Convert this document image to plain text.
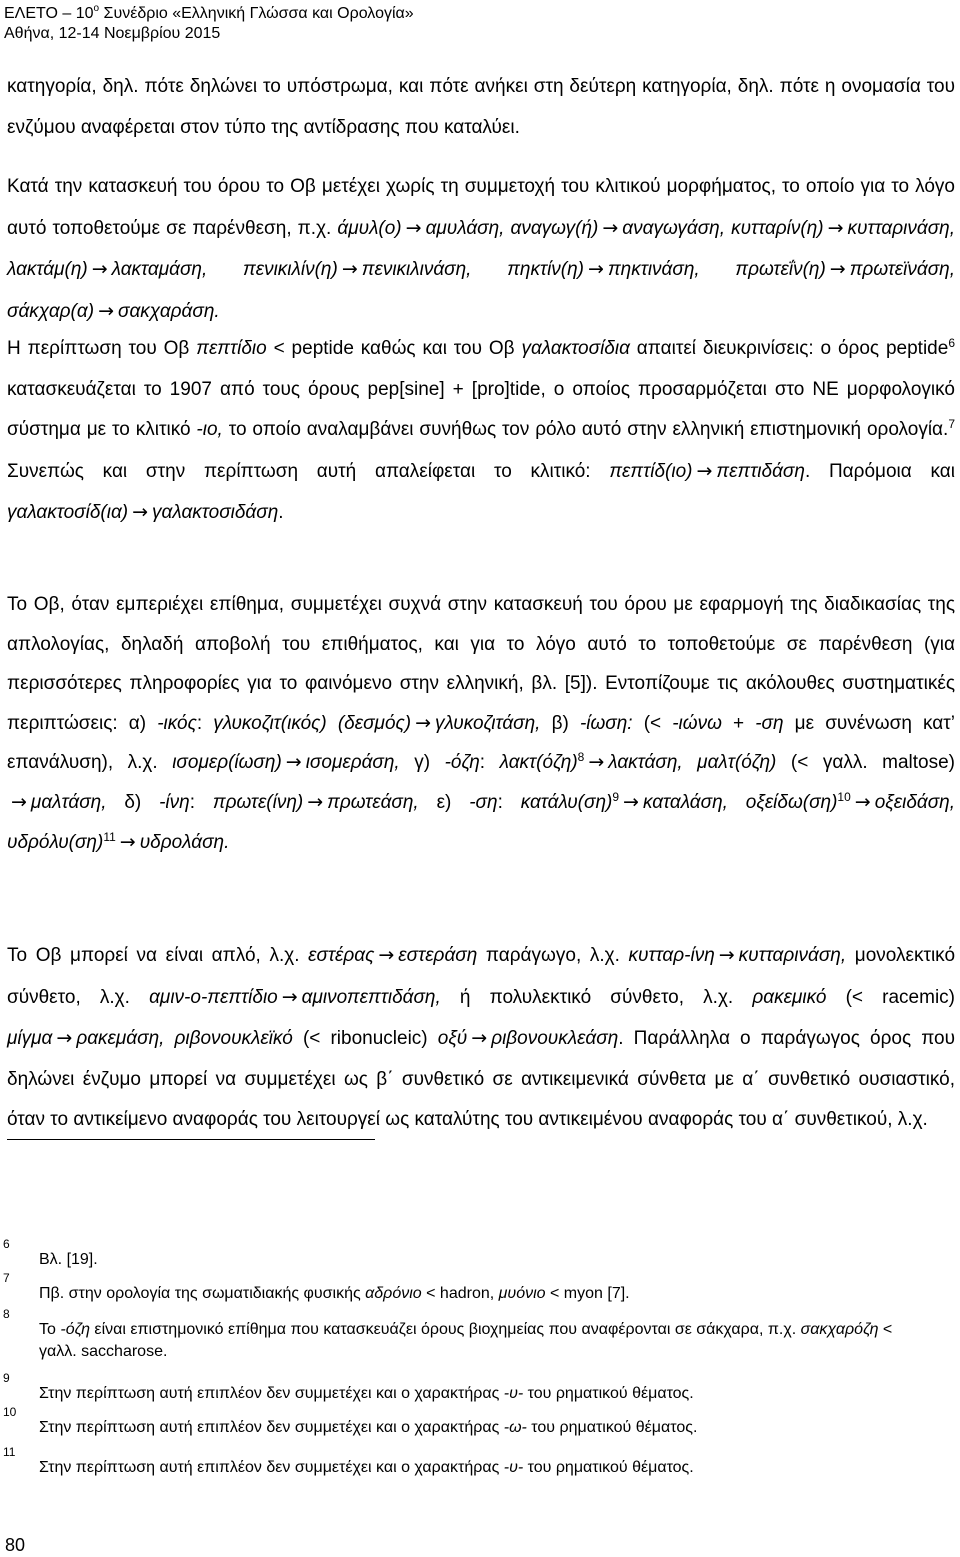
ΕΛΕΤΟ – $10^o$ Συνέδριο «Ελληνική Γλώσσα και Ορολογία»
Αθήνα, 12-14 Νοεμβρίου 2015

κατηγορία, δηλ. πότε δηλώνει το υπόστρωμα, και πότε ανήκει στη δεύτερη κατηγορία, δηλ. πότε η ονομασία του ενζύμου αναφέρεται στον τύπο της αντίδρασης που καταλύει.

Κατά την κατασκευή του όρου το Οβ μετέχει χωρίς τη συμμετοχή του κλιτικού μορφήματος, το οποίο για το λόγο αυτό τοποθετούμε σε παρένθεση, π.χ. άμυλ(ο) → αμυλάση, αναγωγ(ή) → αναγωγάση, κυτταρίν(η) → κυτταρινάση, λακτάμ(η) → λακταμάση, πενικιλίν(η) → πενικιλινάση, πηκτίν(η) → πηκτινάση, πρωτεΐν(η) → πρωτεϊνάση, σάκχαρ(α) → σακχαράση.

Η περίπτωση του Οβ πεπτίδιο < peptide καθώς και του Οβ γαλακτοσίδια απαιτεί διευκρινίσεις: ο όρος peptide$^6$ κατασκευάζεται το 1907 από τους όρους pep[sine] + [pro]tide, ο οποίος προσαρμόζεται στο ΝΕ μορφολογικό σύστημα με το κλιτικό -ιο, το οποίο αναλαμβάνει συνήθως τον ρόλο αυτό στην ελληνική επιστημονική ορολογία.$^7$ Συνεπώς και στην περίπτωση αυτή απαλείφεται το κλιτικό: πεπτίδ(ιο) → πεπτιδάση. Παρόμοια και γαλακτοσίδ(ια) → γαλακτοσιδάση.

Το Οβ, όταν εμπεριέχει επίθημα, συμμετέχει συχνά στην κατασκευή του όρου με εφαρμογή της διαδικασίας της απλολογίας, δηλαδή αποβολή του επιθήματος, και για το λόγο αυτό το τοποθετούμε σε παρένθεση (για περισσότερες πληροφορίες για το φαινόμενο στην ελληνική, βλ. [5]). Εντοπίζουμε τις ακόλουθες συστηματικές περιπτώσεις: α) -ικός: γλυκοζιτ(ικός) (δεσμός) → γλυκοζιτάση, β) -ίωση: (< -ιώνω + -ση με συνένωση κατ’ επανάλυση), λ.χ. ισομερ(ίωση) → ισομεράση, γ) -όζη: $\lambda\alpha\kappa\tau(ό\zeta\eta)^8 \to \lambda\alpha\kappa\tau ά\sigma\eta$, μαλτ(όζη) (< γαλλ. maltose) → μαλτάση, δ) -ίνη: πρωτε(ίνη) → πρωτεάση, ε) -ση: $\kappa\alpha\tau ά\lambda\upsilon(\sigma\eta)^9 \to \kappa\alpha\tau\alpha\lambda ά\sigma\eta$, $o\xi\varepsilon ί\delta\omega(\sigma\eta)^{10} \to o\xi\varepsilon\iota\delta ά\sigma\eta$, $\upsilon\delta\rho ό\lambda\upsilon(\sigma\eta)^{11} \to \upsilon\delta\rho o\lambda ά\sigma\eta$.

Το Οβ μπορεί να είναι απλό, λ.χ. εστέρας → εστεράση παράγωγο, λ.χ. κυτταρ-ίνη → κυτταρινάση, μονολεκτικό σύνθετο, λ.χ. αμιν-ο-πεπτίδιο → αμινοπεπτιδάση, ή πολυλεκτικό σύνθετο, λ.χ. ρακεμικό (< racemic) μίγμα → ρακεμάση, ριβονουκλεϊκό (< ribonucleic) οξύ → ριβονουκλεάση. Παράλληλα ο παράγωγος όρος που δηλώνει ένζυμο μπορεί να συμμετέχει ως β΄ συνθετικό σε αντικειμενικά σύνθετα με α΄ συνθετικό ουσιαστικό, όταν το αντικείμενο αναφοράς του λειτουργεί ως καταλύτης του αντικειμένου αναφοράς του α΄ συνθετικού, λ.χ.

6
Βλ. [19].
7
Πβ. στην ορολογία της σωματιδιακής φυσικής αδρόνιο < hadron, μυόνιο < myon [7].
8
Το -όζη είναι επιστημονικό επίθημα που κατασκευάζει όρους βιοχημείας που αναφέρονται σε σάκχαρα, π.χ. σακχαρόζη < γαλλ. saccharose.
9
Στην περίπτωση αυτή επιπλέον δεν συμμετέχει και ο χαρακτήρας -υ- του ρηματικού θέματος.
10
Στην περίπτωση αυτή επιπλέον δεν συμμετέχει και ο χαρακτήρας -ω- του ρηματικού θέματος.
11
Στην περίπτωση αυτή επιπλέον δεν συμμετέχει και ο χαρακτήρας -υ- του ρηματικού θέματος.
80
